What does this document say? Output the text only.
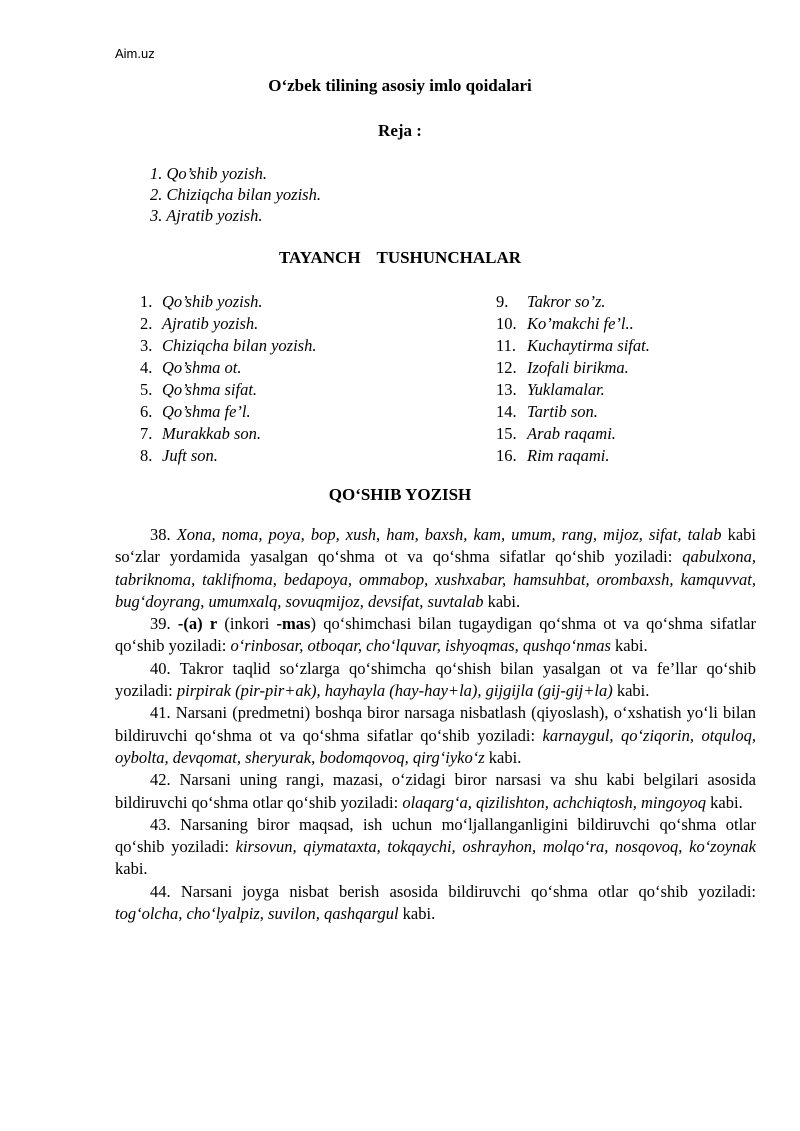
Aim.uz
O‘zbek tilining asosiy imlo qoidalari
Reja :
1. Qo’shib yozish.
2. Chiziqcha bilan yozish.
3. Ajratib yozish.
TAYANCH TUSHUNCHALAR
1. Qo’shib yozish.
2. Ajratib yozish.
3. Chiziqcha bilan yozish.
4. Qo’shma ot.
5. Qo’shma sifat.
6. Qo’shma fe’l.
7. Murakkab son.
8. Juft son.
9. Takror so’z.
10. Ko’makchi fe’l..
11. Kuchaytirma sifat.
12. Izofali birikma.
13. Yuklamalar.
14. Tartib son.
15. Arab raqami.
16. Rim raqami.
QO‘SHIB YOZISH

38. Xona, noma, poya, bop, xush, ham, baxsh, kam, umum, rang, mijoz, sifat, talab kabi so‘zlar yordamida yasalgan qo‘shma ot va qo‘shma sifatlar qo‘shib yoziladi: qabulxona, tabriknoma, taklifnoma, bedapoya, ommabop, xushxabar, hamsuhbat, orombaxsh, kamquvvat, bug‘doyrang, umumxalq, sovuqmijoz, devsifat, suvtalab kabi.

39. -(a) r (inkori -mas) qo‘shimchasi bilan tugaydigan qo‘shma ot va qo‘shma sifatlar qo‘shib yoziladi: o‘rinbosar, otboqar, cho‘lquvar, ishyoqmas, qushqo‘nmas kabi.

40. Takror taqlid so‘zlarga qo‘shimcha qo‘shish bilan yasalgan ot va fe’llar qo‘shib yoziladi: pirpirak (pir-pir+ak), hayhayla (hay-hay+la), gijgijla (gij-gij+la) kabi.

41. Narsani (predmetni) boshqa biror narsaga nisbatlash (qiyoslash), o‘xshatish yo‘li bilan bildiruvchi qo‘shma ot va qo‘shma sifatlar qo‘shib yoziladi: karnaygul, qo‘ziqorin, otquloq, oybolta, devqomat, sheryurak, bodomqovoq, qirg‘iyko‘z kabi.

42. Narsani uning rangi, mazasi, o‘zidagi biror narsasi va shu kabi belgilari asosida bildiruvchi qo‘shma otlar qo‘shib yoziladi: olaqarg‘a, qizilishton, achchiqtosh, mingoyoq kabi.

43. Narsaning biror maqsad, ish uchun mo‘ljallanganligini bildiruvchi qo‘shma otlar qo‘shib yoziladi: kirsovun, qiymataxta, tokqaychi, oshrayhon, molqo‘ra, nosqovoq, ko‘zoynak kabi.

44. Narsani joyga nisbat berish asosida bildiruvchi qo‘shma otlar qo‘shib yoziladi: tog‘olcha, cho‘lyalpiz, suvilon, qashqargul kabi.
